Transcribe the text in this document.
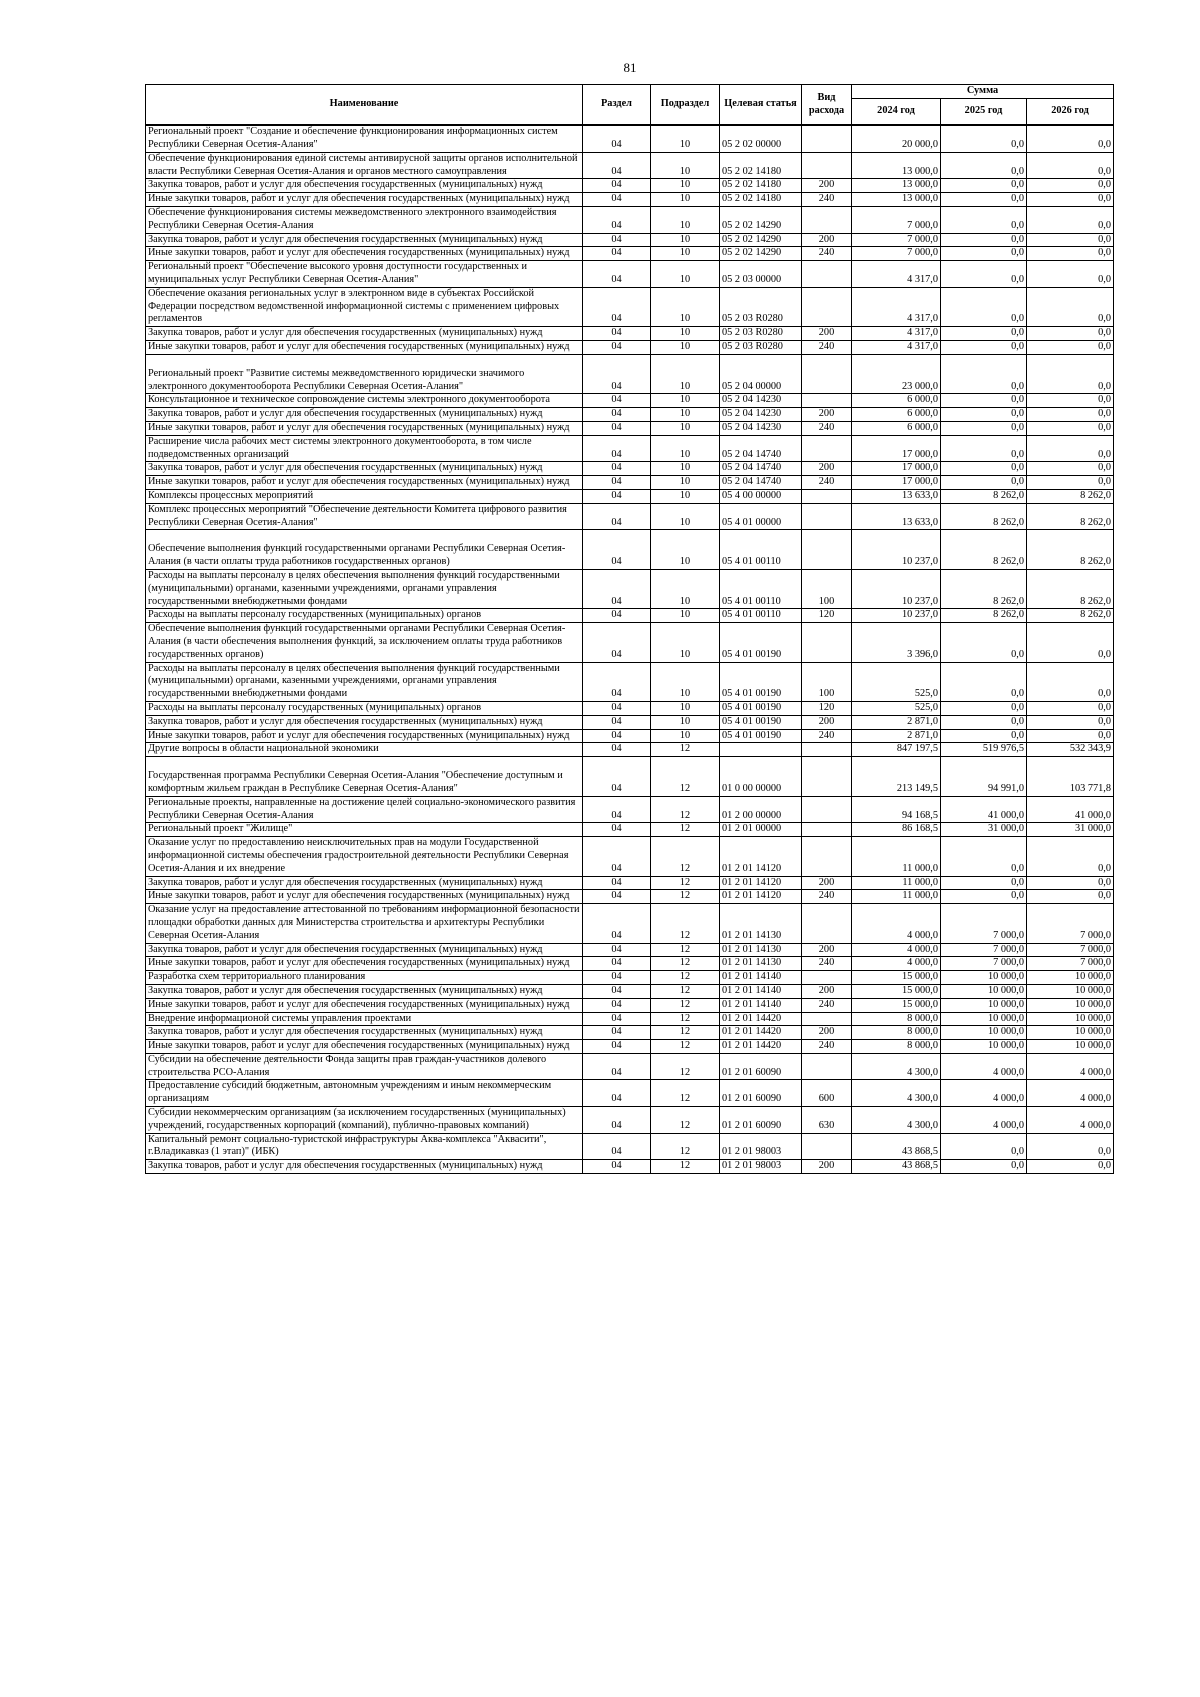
81
Наименование	Раздел	Подраздел	Целевая статья	Вид расхода	Сумма		
					2024 год	2025 год	2026 год
Региональный проект "Создание и обеспечение функционирования информационных систем Республики Северная Осетия-Алания"	04	10	05 2 02 00000		20 000,0	0,0	0,0
Обеспечение функционирования единой системы антивирусной защиты органов исполнительной власти Республики Северная Осетия-Алания и органов местного самоуправления	04	10	05 2 02 14180		13 000,0	0,0	0,0
Закупка товаров, работ и услуг для обеспечения государственных (муниципальных) нужд	04	10	05 2 02 14180	200	13 000,0	0,0	0,0
Иные закупки товаров, работ и услуг для обеспечения государственных (муниципальных) нужд	04	10	05 2 02 14180	240	13 000,0	0,0	0,0
Обеспечение функционирования системы межведомственного электронного взаимодействия Республики Северная Осетия-Алания	04	10	05 2 02 14290		7 000,0	0,0	0,0
Закупка товаров, работ и услуг для обеспечения государственных (муниципальных) нужд	04	10	05 2 02 14290	200	7 000,0	0,0	0,0
Иные закупки товаров, работ и услуг для обеспечения государственных (муниципальных) нужд	04	10	05 2 02 14290	240	7 000,0	0,0	0,0
Региональный проект "Обеспечение высокого уровня доступности государственных и муниципальных услуг Республики Северная Осетия-Алания"	04	10	05 2 03 00000		4 317,0	0,0	0,0
Обеспечение оказания региональных услуг в электронном виде в субъектах Российской Федерации посредством ведомственной информационной системы с применением цифровых регламентов	04	10	05 2 03 R0280		4 317,0	0,0	0,0
Закупка товаров, работ и услуг для обеспечения государственных (муниципальных) нужд	04	10	05 2 03 R0280	200	4 317,0	0,0	0,0
Иные закупки товаров, работ и услуг для обеспечения государственных (муниципальных) нужд	04	10	05 2 03 R0280	240	4 317,0	0,0	0,0

Региональный проект "Развитие системы межведомственного юридически значимого электронного документооборота Республики Северная Осетия-Алания"	04	10	05 2 04 00000		23 000,0	0,0	0,0
Консультационное и техническое сопровождение системы электронного документооборота	04	10	05 2 04 14230		6 000,0	0,0	0,0
Закупка товаров, работ и услуг для обеспечения государственных (муниципальных) нужд	04	10	05 2 04 14230	200	6 000,0	0,0	0,0
Иные закупки товаров, работ и услуг для обеспечения государственных (муниципальных) нужд	04	10	05 2 04 14230	240	6 000,0	0,0	0,0
Расширение числа рабочих мест системы электронного документооборота, в том числе подведомственных организаций	04	10	05 2 04 14740		17 000,0	0,0	0,0
Закупка товаров, работ и услуг для обеспечения государственных (муниципальных) нужд	04	10	05 2 04 14740	200	17 000,0	0,0	0,0
Иные закупки товаров, работ и услуг для обеспечения государственных (муниципальных) нужд	04	10	05 2 04 14740	240	17 000,0	0,0	0,0
Комплексы процессных мероприятий	04	10	05 4 00 00000		13 633,0	8 262,0	8 262,0
Комплекс процессных мероприятий "Обеспечение деятельности Комитета цифрового развития Республики Северная Осетия-Алания"	04	10	05 4 01 00000		13 633,0	8 262,0	8 262,0

Обеспечение выполнения функций государственными органами Республики Северная Осетия-Алания (в части оплаты труда работников государственных органов)	04	10	05 4 01 00110		10 237,0	8 262,0	8 262,0
Расходы на выплаты персоналу в целях обеспечения выполнения функций государственными (муниципальными) органами, казенными учреждениями, органами управления государственными внебюджетными фондами	04	10	05 4 01 00110	100	10 237,0	8 262,0	8 262,0
Расходы на выплаты персоналу государственных (муниципальных) органов	04	10	05 4 01 00110	120	10 237,0	8 262,0	8 262,0
Обеспечение выполнения функций государственными органами Республики Северная Осетия-Алания (в части обеспечения выполнения функций, за исключением оплаты труда работников государственных органов)	04	10	05 4 01 00190		3 396,0	0,0	0,0
Расходы на выплаты персоналу в целях обеспечения выполнения функций государственными (муниципальными) органами, казенными учреждениями, органами управления государственными внебюджетными фондами	04	10	05 4 01 00190	100	525,0	0,0	0,0
Расходы на выплаты персоналу государственных (муниципальных) органов	04	10	05 4 01 00190	120	525,0	0,0	0,0
Закупка товаров, работ и услуг для обеспечения государственных (муниципальных) нужд	04	10	05 4 01 00190	200	2 871,0	0,0	0,0
Иные закупки товаров, работ и услуг для обеспечения государственных (муниципальных) нужд	04	10	05 4 01 00190	240	2 871,0	0,0	0,0
Другие вопросы в области национальной экономики	04	12			847 197,5	519 976,5	532 343,9

Государственная программа Республики Северная Осетия-Алания "Обеспечение доступным и комфортным жильем граждан в Республике Северная Осетия-Алания"	04	12	01 0 00 00000		213 149,5	94 991,0	103 771,8
Региональные проекты, направленные на достижение целей социально-экономического развития Республики Северная Осетия-Алания	04	12	01 2 00 00000		94 168,5	41 000,0	41 000,0
Региональный проект "Жилище"	04	12	01 2 01 00000		86 168,5	31 000,0	31 000,0
Оказание услуг по предоставлению неисключительных прав на модули Государственной информационной системы обеспечения градостроительной деятельности Республики Северная Осетия-Алания и их внедрение	04	12	01 2 01 14120		11 000,0	0,0	0,0
Закупка товаров, работ и услуг для обеспечения государственных (муниципальных) нужд	04	12	01 2 01 14120	200	11 000,0	0,0	0,0
Иные закупки товаров, работ и услуг для обеспечения государственных (муниципальных) нужд	04	12	01 2 01 14120	240	11 000,0	0,0	0,0
Оказание услуг на предоставление аттестованной по требованиям информационной безопасности площадки обработки данных для Министерства строительства и архитектуры Республики Северная Осетия-Алания	04	12	01 2 01 14130		4 000,0	7 000,0	7 000,0
Закупка товаров, работ и услуг для обеспечения государственных (муниципальных) нужд	04	12	01 2 01 14130	200	4 000,0	7 000,0	7 000,0
Иные закупки товаров, работ и услуг для обеспечения государственных (муниципальных) нужд	04	12	01 2 01 14130	240	4 000,0	7 000,0	7 000,0
Разработка схем территориального планирования	04	12	01 2 01 14140		15 000,0	10 000,0	10 000,0
Закупка товаров, работ и услуг для обеспечения государственных (муниципальных) нужд	04	12	01 2 01 14140	200	15 000,0	10 000,0	10 000,0
Иные закупки товаров, работ и услуг для обеспечения государственных (муниципальных) нужд	04	12	01 2 01 14140	240	15 000,0	10 000,0	10 000,0
Внедрение информационой системы управления проектами	04	12	01 2 01 14420		8 000,0	10 000,0	10 000,0
Закупка товаров, работ и услуг для обеспечения государственных (муниципальных) нужд	04	12	01 2 01 14420	200	8 000,0	10 000,0	10 000,0
Иные закупки товаров, работ и услуг для обеспечения государственных (муниципальных) нужд	04	12	01 2 01 14420	240	8 000,0	10 000,0	10 000,0
Субсидии на обеспечение деятельности Фонда защиты прав граждан-участников долевого строительства РСО-Алания	04	12	01 2 01 60090		4 300,0	4 000,0	4 000,0
Предоставление субсидий бюджетным, автономным учреждениям и иным некоммерческим организациям	04	12	01 2 01 60090	600	4 300,0	4 000,0	4 000,0
Субсидии некоммерческим организациям (за исключением государственных (муниципальных) учреждений, государственных корпораций (компаний), публично-правовых компаний)	04	12	01 2 01 60090	630	4 300,0	4 000,0	4 000,0
Капитальный ремонт социально-туристской инфраструктуры Аква-комплекса "Аквасити", г.Владикавказ (1 этап)" (ИБК)	04	12	01 2 01 98003		43 868,5	0,0	0,0
Закупка товаров, работ и услуг для обеспечения государственных (муниципальных) нужд	04	12	01 2 01 98003	200	43 868,5	0,0	0,0
